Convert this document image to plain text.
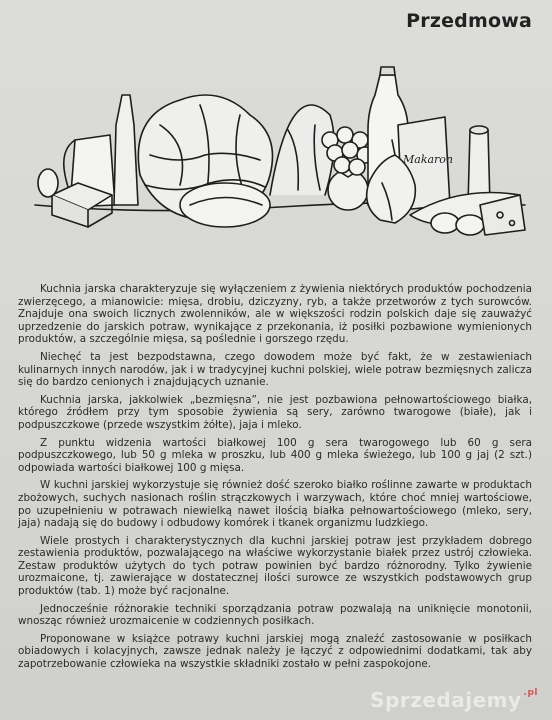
Przedmowa
Makaron

Kuchnia jarska charakteryzuje się wyłączeniem z żywienia niektórych produktów pochodzenia zwierzęcego, a mianowicie: mięsa, drobiu, dziczyzny, ryb, a także przetworów z tych surowców. Znajduje ona swoich licznych zwolenników, ale w większości rodzin polskich daje się zauważyć uprzedzenie do jarskich potraw, wynikające z przekonania, iż posiłki pozbawione wymienionych produktów, a szczególnie mięsa, są poślednie i gorszego rzędu.

Niechęć ta jest bezpodstawna, czego dowodem może być fakt, że w zestawieniach kulinarnych innych narodów, jak i w tradycyjnej kuchni polskiej, wiele potraw bezmięsnych zalicza się do bardzo cenionych i znajdujących uznanie.

Kuchnia jarska, jakkolwiek „bezmięsna”, nie jest pozbawiona pełnowartościowego białka, którego źródłem przy tym sposobie żywienia są sery, zarówno twarogowe (białe), jak i podpuszczkowe (przede wszystkim żółte), jaja i mleko.

Z punktu widzenia wartości białkowej 100 g sera twarogowego lub 60 g sera podpuszczkowego, lub 50 g mleka w proszku, lub 400 g mleka świeżego, lub 100 g jaj (2 szt.) odpowiada wartości białkowej 100 g mięsa.

W kuchni jarskiej wykorzystuje się również dość szeroko białko roślinne zawarte w produktach zbożowych, suchych nasionach roślin strączkowych i warzywach, które choć mniej wartościowe, po uzupełnieniu w potrawach niewielką nawet ilością białka pełnowartościowego (mleko, sery, jaja) nadają się do budowy i odbudowy komórek i tkanek organizmu ludzkiego.

Wiele prostych i charakterystycznych dla kuchni jarskiej potraw jest przykładem dobrego zestawienia produktów, pozwalającego na właściwe wykorzystanie białek przez ustrój człowieka. Zestaw produktów użytych do tych potraw powinien być bardzo różnorodny. Tylko żywienie urozmaicone, tj. zawierające w dostatecznej ilości surowce ze wszystkich podstawowych grup produktów (tab. 1) może być racjonalne.

Jednocześnie różnorakie techniki sporządzania potraw pozwalają na uniknięcie monotonii, wnosząc również urozmaicenie w codziennych posiłkach.

Proponowane w książce potrawy kuchni jarskiej mogą znaleźć zastosowanie w posiłkach obiadowych i kolacyjnych, zawsze jednak należy je łączyć z odpowiednimi dodatkami, tak aby zapotrzebowanie człowieka na wszystkie składniki zostało w pełni zaspokojone.

Sprzedajemy $^{.pl}$
